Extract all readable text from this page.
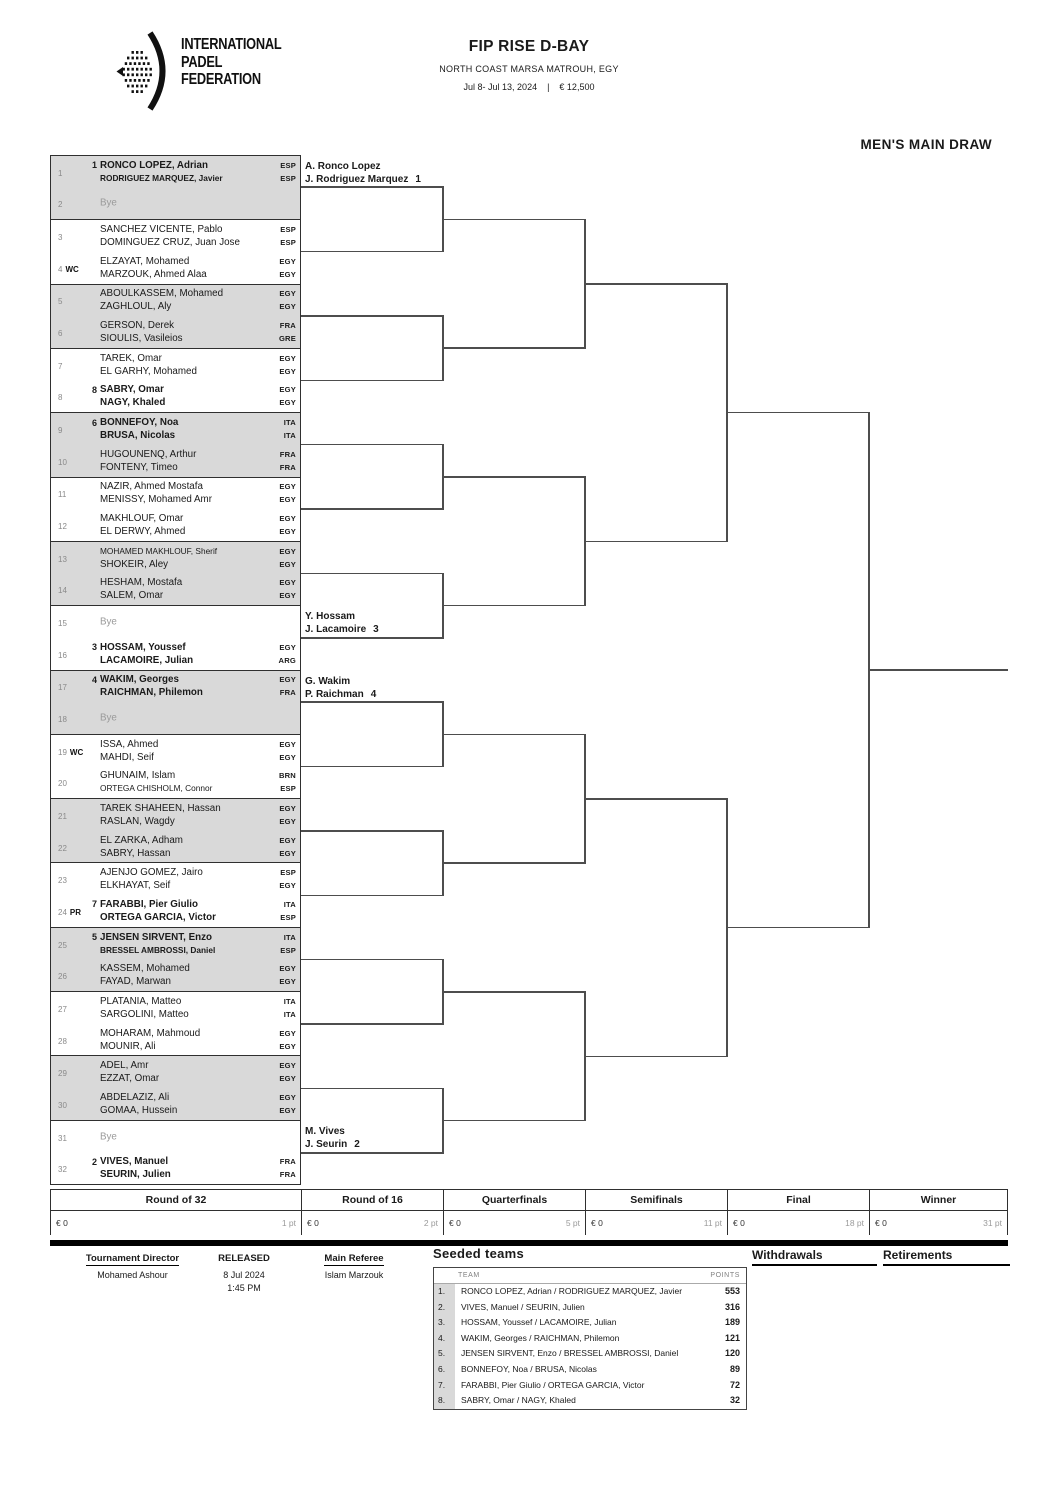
INTERNATIONAL
PADEL
FEDERATION
FIP RISE D-BAY
NORTH COAST MARSA MATROUH, EGY
Jul 8- Jul 13, 2024 | € 12,500
MEN'S MAIN DRAW
1
1 RONCO LOPEZ, Adrian
RODRIGUEZ MARQUEZ, Javier
ESP
ESP
2	Bye
3
SANCHEZ VICENTE, Pablo
DOMINGUEZ CRUZ, Juan Jose
ESP
ESP
4 WC
ELZAYAT, Mohamed
MARZOUK, Ahmed Alaa
EGY
EGY
5
ABOULKASSEM, Mohamed
ZAGHLOUL, Aly
EGY
EGY
6
GERSON, Derek
SIOULIS, Vasileios
FRA
GRE
7
TAREK, Omar
EL GARHY, Mohamed
EGY
EGY
8
8 SABRY, Omar
NAGY, Khaled
EGY
EGY
9
6 BONNEFOY, Noa
BRUSA, Nicolas
ITA
ITA
10
HUGOUNENQ, Arthur
FONTENY, Timeo
FRA
FRA
11
NAZIR, Ahmed Mostafa
MENISSY, Mohamed Amr
EGY
EGY
12
MAKHLOUF, Omar
EL DERWY, Ahmed
EGY
EGY
13
MOHAMED MAKHLOUF, Sherif
SHOKEIR, Aley
EGY
EGY
14
HESHAM, Mostafa
SALEM, Omar
EGY
EGY
15	Bye
16
3 HOSSAM, Youssef
LACAMOIRE, Julian
EGY
ARG
17
4 WAKIM, Georges
RAICHMAN, Philemon
EGY
FRA
18	Bye
19 WC
ISSA, Ahmed
MAHDI, Seif
EGY
EGY
20
GHUNAIM, Islam
ORTEGA CHISHOLM, Connor
BRN
ESP
21
TAREK SHAHEEN, Hassan
RASLAN, Wagdy
EGY
EGY
22
EL ZARKA, Adham
SABRY, Hassan
EGY
EGY
23
AJENJO GOMEZ, Jairo
ELKHAYAT, Seif
ESP
EGY
24 PR
7 FARABBI, Pier Giulio
ORTEGA GARCIA, Victor
ITA
ESP
25
5 JENSEN SIRVENT, Enzo
BRESSEL AMBROSSI, Daniel
ITA
ESP
26
KASSEM, Mohamed
FAYAD, Marwan
EGY
EGY
27
PLATANIA, Matteo
SARGOLINI, Matteo
ITA
ITA
28
MOHARAM, Mahmoud
MOUNIR, Ali
EGY
EGY
29
ADEL, Amr
EZZAT, Omar
EGY
EGY
30
ABDELAZIZ, Ali
GOMAA, Hussein
EGY
EGY
31	Bye
32
2 VIVES, Manuel
SEURIN, Julien
FRA
FRA
A. Ronco Lopez
J. Rodriguez Marquez 1
Y. Hossam
J. Lacamoire 3
G. Wakim
P. Raichman 4
M. Vives
J. Seurin 2
Round of 32
€ 0	1 pt
Round of 16
€ 0	2 pt
Quarterfinals
€ 0	5 pt
Semifinals
€ 0	11 pt
Final
€ 0	18 pt
Winner
€ 0	31 pt
Tournament Director
Mohamed Ashour
RELEASED
8 Jul 2024
1:45 PM
Main Referee
Islam Marzouk
Seeded teams
TEAM	POINTS
1.	RONCO LOPEZ, Adrian / RODRIGUEZ MARQUEZ, Javier	553
2.	VIVES, Manuel / SEURIN, Julien	316
3.	HOSSAM, Youssef / LACAMOIRE, Julian	189
4.	WAKIM, Georges / RAICHMAN, Philemon	121
5.	JENSEN SIRVENT, Enzo / BRESSEL AMBROSSI, Daniel	120
6.	BONNEFOY, Noa / BRUSA, Nicolas	89
7.	FARABBI, Pier Giulio / ORTEGA GARCIA, Victor	72
8.	SABRY, Omar / NAGY, Khaled	32
Withdrawals	Retirements
